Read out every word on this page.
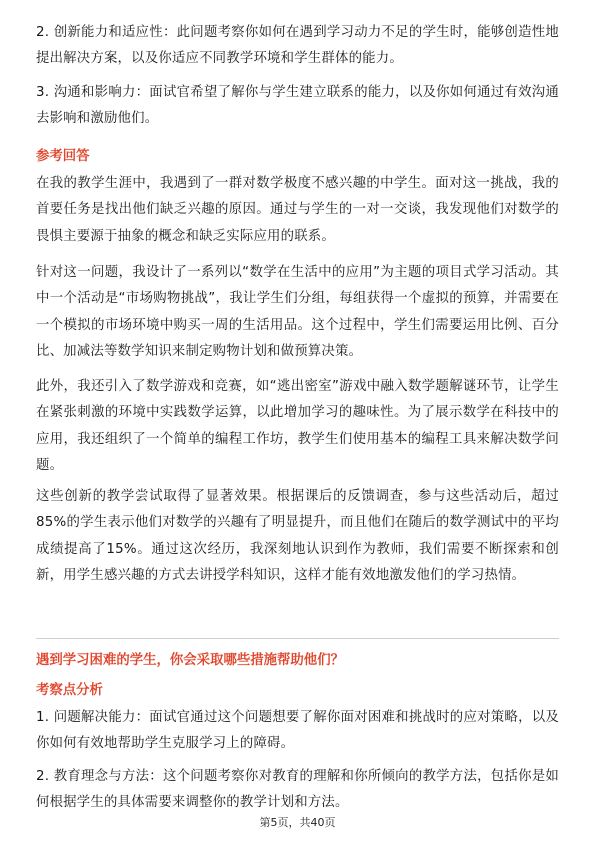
2. 创新能力和适应性：此问题考察你如何在遇到学习动力不足的学生时，能够创造性地提出解决方案，以及你适应不同教学环境和学生群体的能力。

3. 沟通和影响力：面试官希望了解你与学生建立联系的能力，以及你如何通过有效沟通去影响和激励他们。

参考回答

在我的教学生涯中，我遇到了一群对数学极度不感兴趣的中学生。面对这一挑战，我的首要任务是找出他们缺乏兴趣的原因。通过与学生的一对一交谈，我发现他们对数学的畏惧主要源于抽象的概念和缺乏实际应用的联系。

针对这一问题，我设计了一系列以“数学在生活中的应用”为主题的项目式学习活动。其中一个活动是“市场购物挑战”，我让学生们分组，每组获得一个虚拟的预算，并需要在一个模拟的市场环境中购买一周的生活用品。这个过程中，学生们需要运用比例、百分比、加减法等数学知识来制定购物计划和做预算决策。

此外，我还引入了数学游戏和竞赛，如“逃出密室”游戏中融入数学题解谜环节，让学生在紧张刺激的环境中实践数学运算，以此增加学习的趣味性。为了展示数学在科技中的应用，我还组织了一个简单的编程工作坊，教学生们使用基本的编程工具来解决数学问题。

这些创新的教学尝试取得了显著效果。根据课后的反馈调查，参与这些活动后，超过85%的学生表示他们对数学的兴趣有了明显提升，而且他们在随后的数学测试中的平均成绩提高了15%。通过这次经历，我深刻地认识到作为教师，我们需要不断探索和创新，用学生感兴趣的方式去讲授学科知识，这样才能有效地激发他们的学习热情。

遇到学习困难的学生，你会采取哪些措施帮助他们？
考察点分析

1. 问题解决能力：面试官通过这个问题想要了解你面对困难和挑战时的应对策略，以及你如何有效地帮助学生克服学习上的障碍。

2. 教育理念与方法：这个问题考察你对教育的理解和你所倾向的教学方法，包括你是如何根据学生的具体需要来调整你的教学计划和方法。

第5页，共40页
